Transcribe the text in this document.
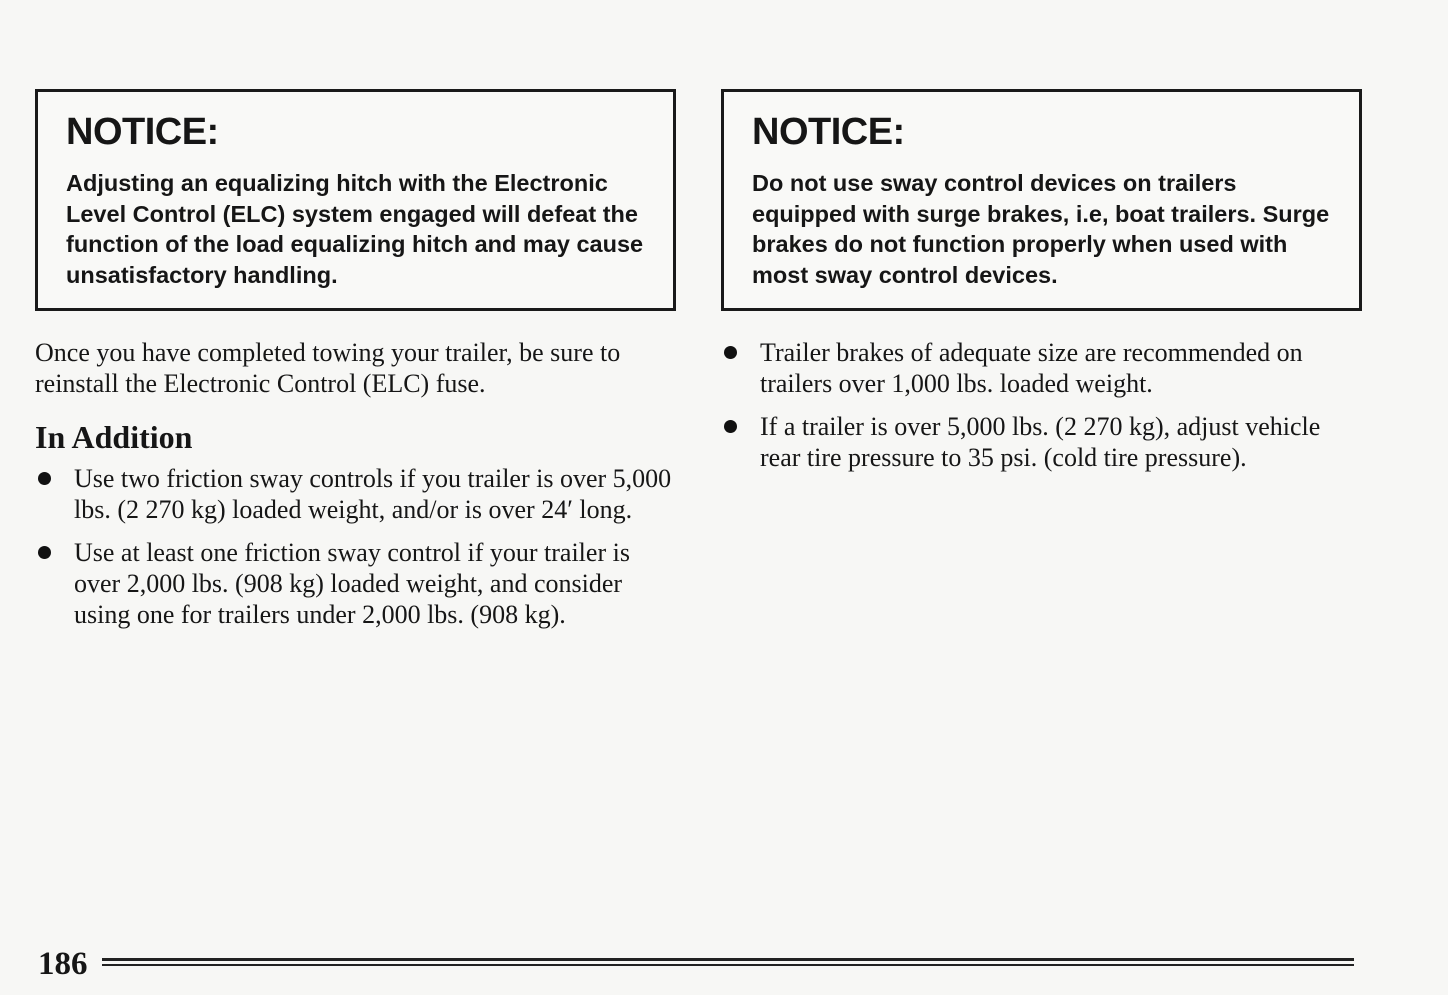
NOTICE:

Adjusting an equalizing hitch with the Electronic Level Control (ELC) system engaged will defeat the function of the load equalizing hitch and may cause unsatisfactory handling.

NOTICE:

Do not use sway control devices on trailers equipped with surge brakes, i.e, boat trailers. Surge brakes do not function properly when used with most sway control devices.

Once you have completed towing your trailer, be sure to reinstall the Electronic Control (ELC) fuse.

In Addition
Use two friction sway controls if you trailer is over 5,000 lbs. (2 270 kg) loaded weight, and/or is over 24′ long.
Use at least one friction sway control if your trailer is over 2,000 lbs. (908 kg) loaded weight, and consider using one for trailers under 2,000 lbs. (908 kg).
Trailer brakes of adequate size are recommended on trailers over 1,000 lbs. loaded weight.
If a trailer is over 5,000 lbs. (2 270 kg), adjust vehicle rear tire pressure to 35 psi. (cold tire pressure).
186
